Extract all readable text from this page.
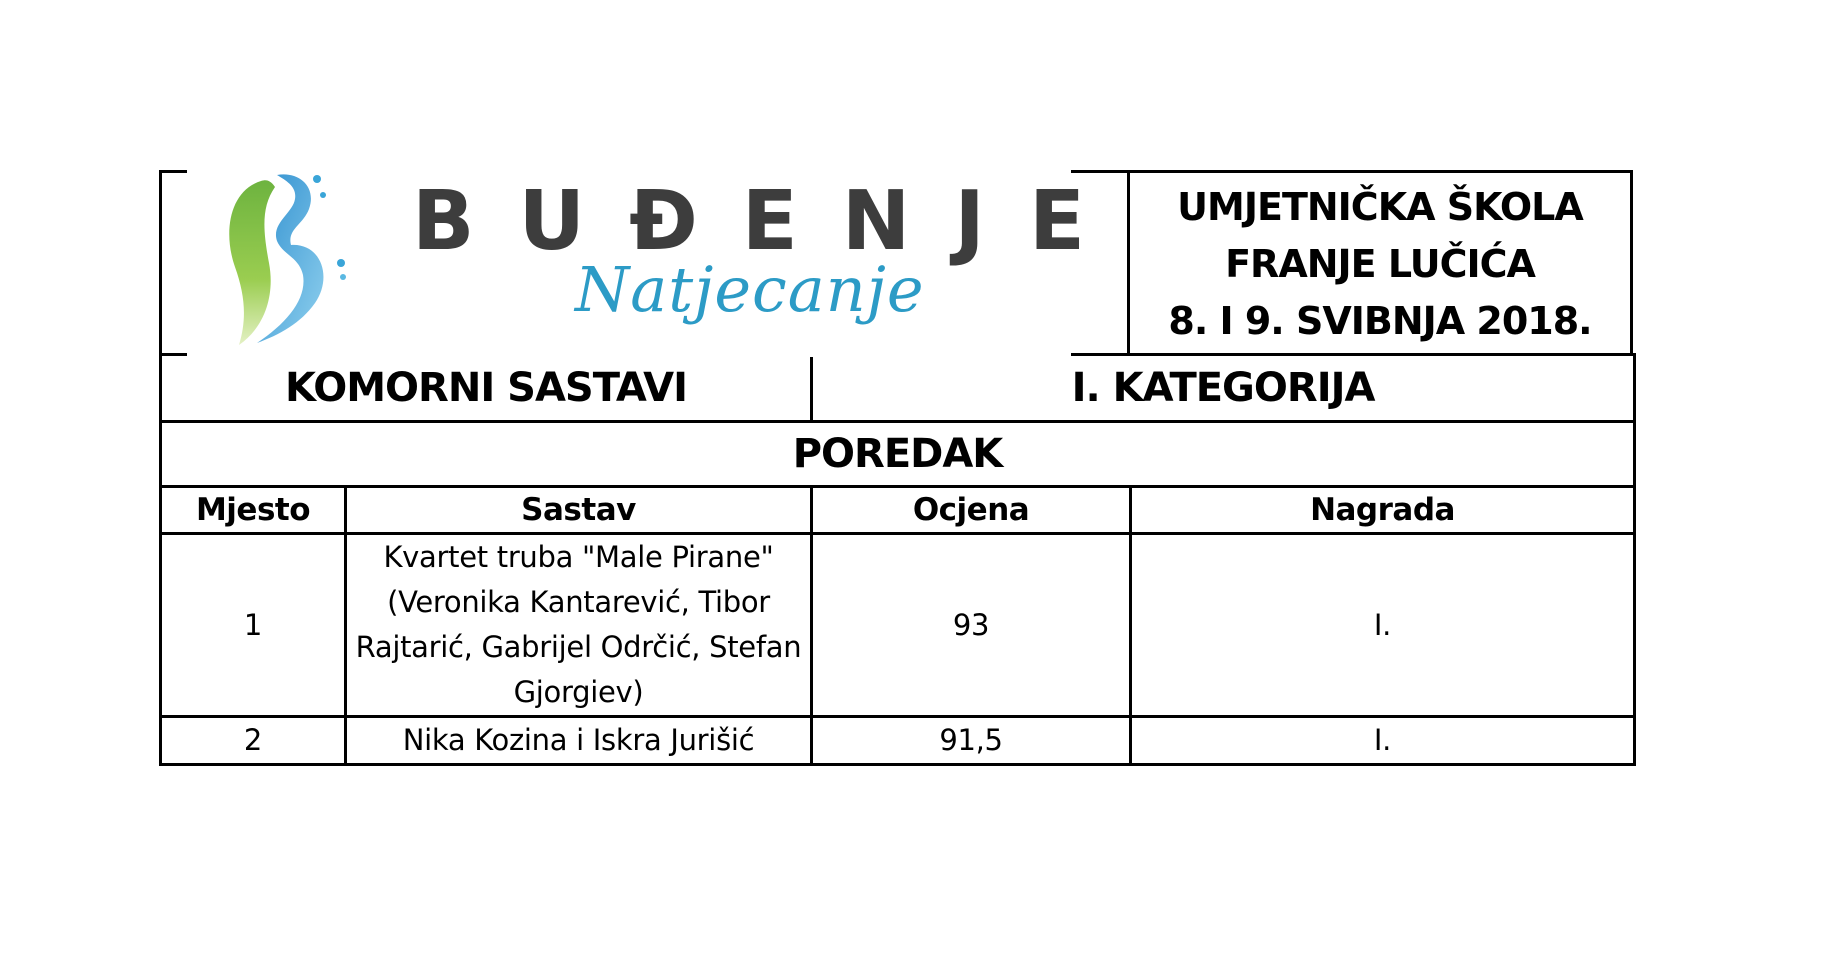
BUĐENJE
Natjecanje
UMJETNIČKA ŠKOLA
FRANJE LUČIĆA
8. I 9. SVIBNJA 2018.
KOMORNI SASTAVI		I. KATEGORIJA	
POREDAK			
Mjesto	Sastav	Ocjena	Nagrada
1	Kvartet truba "Male Pirane" (Veronika Kantarević, Tibor Rajtarić, Gabrijel Odrčić, Stefan Gjorgiev)	93	I.
2	Nika Kozina i Iskra Jurišić	91,5	I.
